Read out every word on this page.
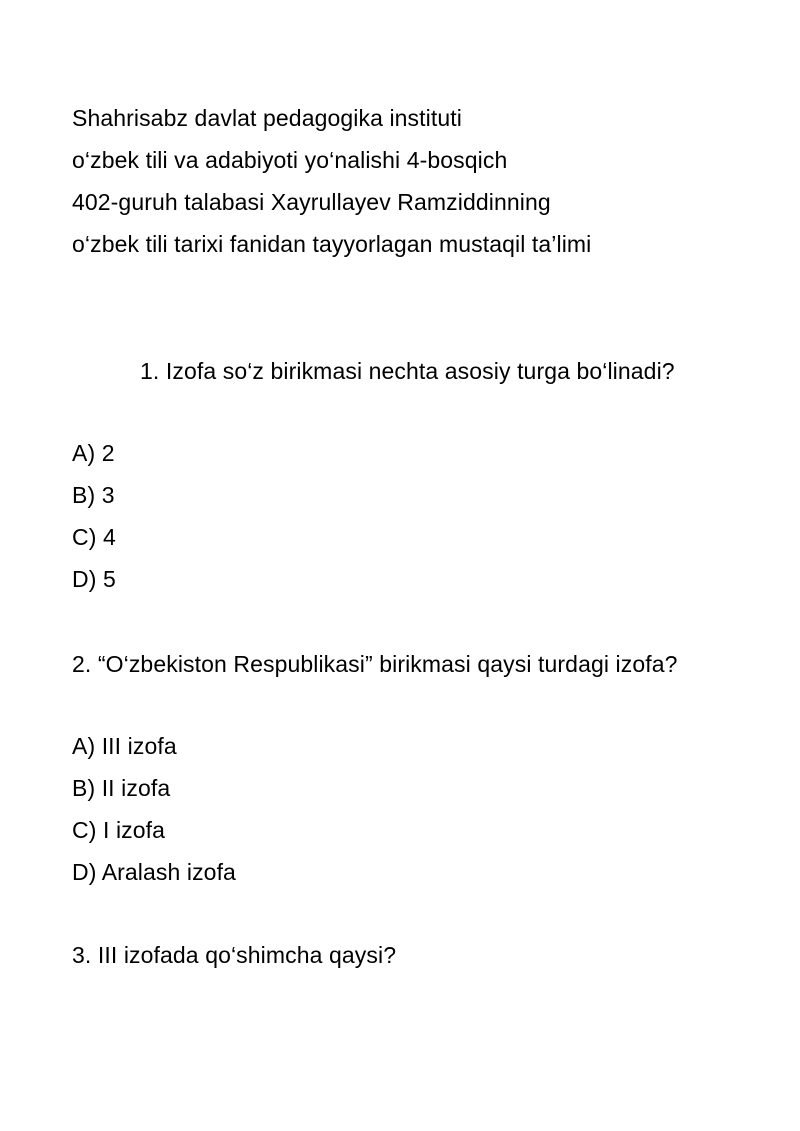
Shahrisabz davlat pedagogika instituti
o‘zbek tili va adabiyoti yo‘nalishi 4-bosqich
402-guruh talabasi Xayrullayev Ramziddinning
o‘zbek tili tarixi fanidan tayyorlagan mustaqil ta’limi
1. Izofa so‘z birikmasi nechta asosiy turga bo‘linadi?
A) 2
B) 3
C) 4
D) 5
2. “O‘zbekiston Respublikasi” birikmasi qaysi turdagi izofa?
A) III izofa
B) II izofa
C) I izofa
D) Aralash izofa
3. III izofada qo‘shimcha qaysi?
